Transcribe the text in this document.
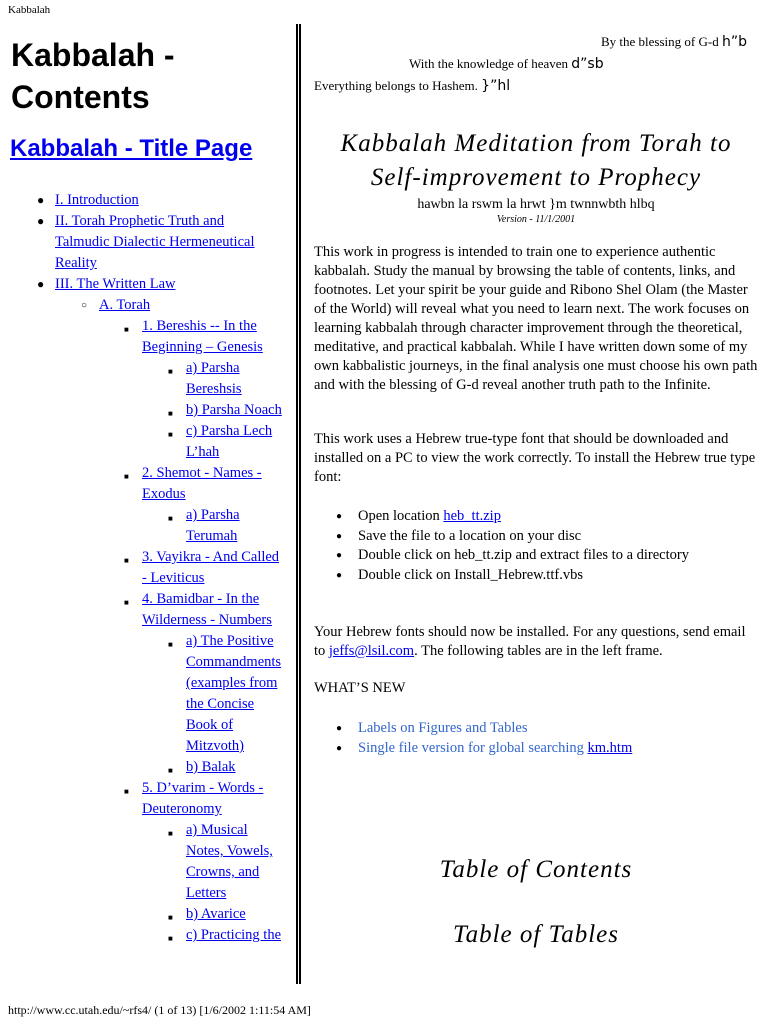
Kabbalah
Kabbalah -
Contents
Kabbalah - Title Page
● I. Introduction
● II. Torah Prophetic Truth and Talmudic Dialectic Hermeneutical Reality
● III. The Written Law
○ A. Torah
■ 1. Bereshis -- In the Beginning – Genesis
■ a) Parsha Bereshsis
■ b) Parsha Noach
■ c) Parsha Lech L’hah
■ 2. Shemot - Names - Exodus
■ a) Parsha Terumah
■ 3. Vayikra - And Called - Leviticus
■ 4. Bamidbar - In the Wilderness - Numbers
■ a) The Positive Commandments (examples from the Concise Book of Mitzvoth)
■ b) Balak
■ 5. D’varim - Words - Deuteronomy
■ a) Musical Notes, Vowels, Crowns, and Letters
■ b) Avarice
■ c) Practicing the
By the blessing of G-d h”b
With the knowledge of heaven d”sb
Everything belongs to Hashem. }”hl
Kabbalah Meditation from Torah to
Self-improvement to Prophecy
hawbn la rswm la hrwt }m twnnwbth hlbq
Version - 11/1/2001

This work in progress is intended to train one to experience authentic kabbalah. Study the manual by browsing the table of contents, links, and footnotes. Let your spirit be your guide and Ribono Shel Olam (the Master of the World) will reveal what you need to learn next. The work focuses on learning kabbalah through character improvement through the theoretical, meditative, and practical kabbalah. While I have written down some of my own kabbalistic journeys, in the final analysis one must choose his own path and with the blessing of G-d reveal another truth path to the Infinite.

This work uses a Hebrew true-type font that should be downloaded and installed on a PC to view the work correctly. To install the Hebrew true type font:

● Open location heb_tt.zip
● Save the file to a location on your disc
● Double click on heb_tt.zip and extract files to a directory
● Double click on Install_Hebrew.ttf.vbs

Your Hebrew fonts should now be installed. For any questions, send email to jeffs@lsil.com. The following tables are in the left frame.

WHAT’S NEW
● Labels on Figures and Tables
● Single file version for global searching km.htm
Table of Contents
Table of Tables
http://www.cc.utah.edu/~rfs4/ (1 of 13) [1/6/2002 1:11:54 AM]
